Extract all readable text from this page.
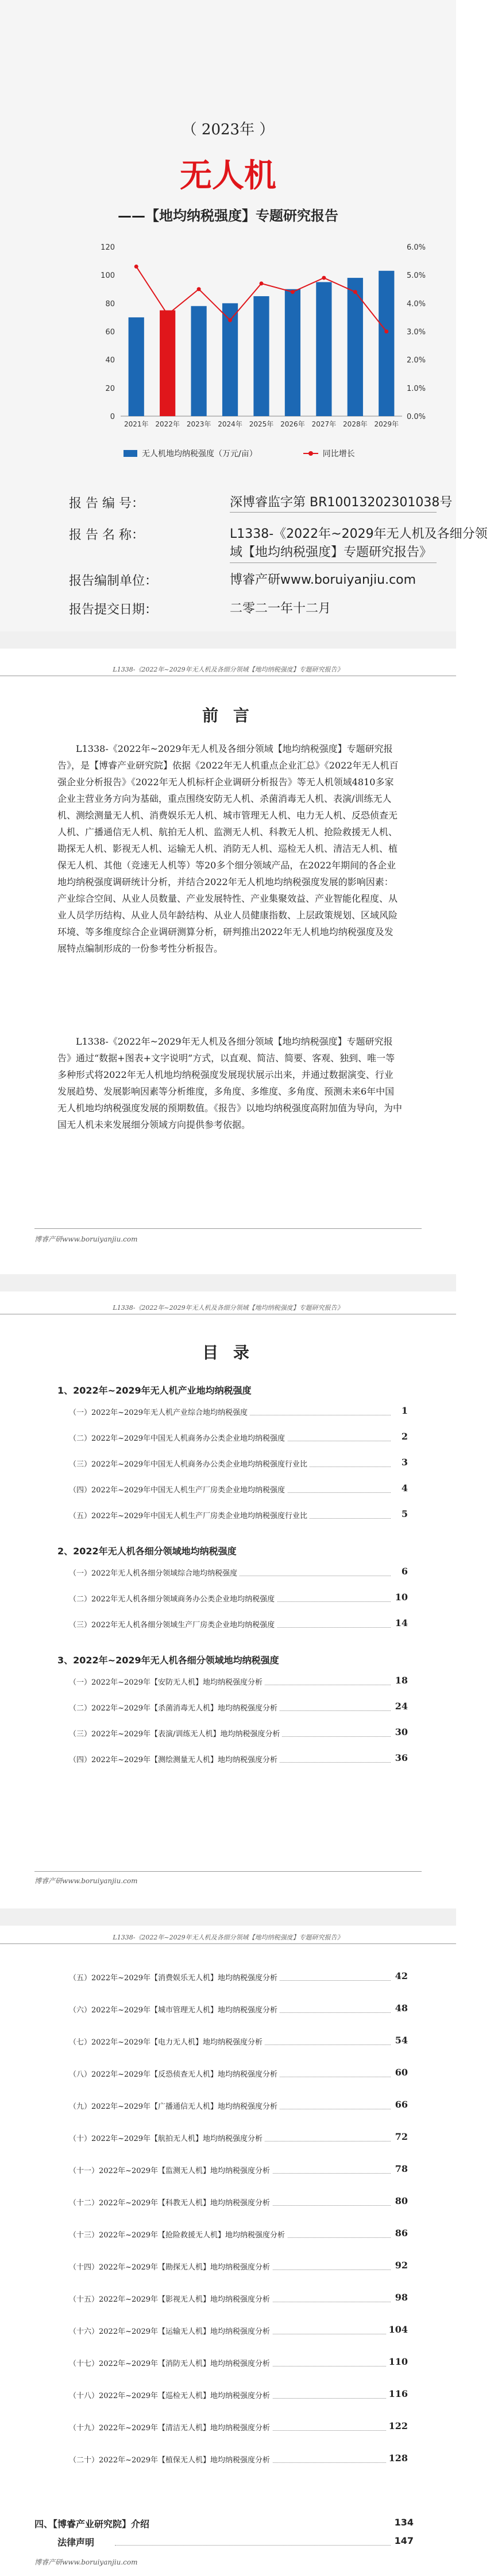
（ 2023年 ）
无人机
——【地均纳税强度】专题研究报告
0
20
40
60
80
100
120
0.0%
1.0%
2.0%
3.0%
4.0%
5.0%
6.0%
2021年 2022年 2023年 2024年 2025年 2026年 2027年 2028年 2029年
无人机地均纳税强度（万元/亩）	同比增长
报 告 编 号：	深博睿监字第 BR10013202301038号
报 告 名 称：	L1338-《2022年~2029年无人机及各细分领域【地均纳税强度】专题研究报告》
报告编制单位：	博睿产研www.boruiyanjiu.com
报告提交日期：	二零二一年十二月
L1338-《2022年~2029年无人机及各细分领域【地均纳税强度】专题研究报告》
前 言
L1338-《2022年~2029年无人机及各细分领域【地均纳税强度】专题研究报告》，是【博睿产业研究院】依据《2022年无人机重点企业汇总》《2022年无人机百强企业分析报告》《2022年无人机标杆企业调研分析报告》等无人机领域4810多家企业主营业务方向为基础，重点围绕安防无人机、杀菌消毒无人机、表演/训练无人机、测绘测量无人机、消费娱乐无人机、城市管理无人机、电力无人机、反恐侦查无人机、广播通信无人机、航拍无人机、监测无人机、科教无人机、抢险救援无人机、勘探无人机、影视无人机、运输无人机、消防无人机、巡检无人机、清洁无人机、植保无人机、其他（竞速无人机等）等20多个细分领域产品，在2022年期间的各企业地均纳税强度调研统计分析，并结合2022年无人机地均纳税强度发展的影响因素：产业综合空间、从业人员数量、产业发展特性、产业集聚效益、产业智能化程度、从业人员学历结构、从业人员年龄结构、从业人员健康指数、上层政策规划、区域风险环境、等多维度综合企业调研测算分析，研判推出2022年无人机地均纳税强度及发展特点编制形成的一份参考性分析报告。
L1338-《2022年~2029年无人机及各细分领域【地均纳税强度】专题研究报告》通过“数据+图表+文字说明”方式，以直观、简洁、简要、客观、独到、唯一等多种形式将2022年无人机地均纳税强度发展现状展示出来，并通过数据演变、行业发展趋势、发展影响因素等分析维度，多角度、多维度、多角度、预测未来6年中国无人机地均纳税强度发展的预期数值。《报告》以地均纳税强度高附加值为导向，为中国无人机未来发展细分领域方向提供参考依据。
博睿产研www.boruiyanjiu.com
L1338-《2022年~2029年无人机及各细分领域【地均纳税强度】专题研究报告》
目 录
1、2022年~2029年无人机产业地均纳税强度
（一）2022年~2029年无人机产业综合地均纳税强度	1
（二）2022年~2029年中国无人机商务办公类企业地均纳税强度	2
（三）2022年~2029年中国无人机商务办公类企业地均纳税强度行业比	3
（四）2022年~2029年中国无人机生产厂房类企业地均纳税强度	4
（五）2022年~2029年中国无人机生产厂房类企业地均纳税强度行业比	5
2、2022年无人机各细分领域地均纳税强度
（一）2022年无人机各细分领域综合地均纳税强度	6
（二）2022年无人机各细分领域商务办公类企业地均纳税强度	10
（三）2022年无人机各细分领域生产厂房类企业地均纳税强度	14
3、2022年~2029年无人机各细分领域地均纳税强度
（一）2022年~2029年【安防无人机】地均纳税强度分析	18
（二）2022年~2029年【杀菌消毒无人机】地均纳税强度分析	24
（三）2022年~2029年【表演/训练无人机】地均纳税强度分析	30
（四）2022年~2029年【测绘测量无人机】地均纳税强度分析	36
博睿产研www.boruiyanjiu.com
L1338-《2022年~2029年无人机及各细分领域【地均纳税强度】专题研究报告》
（五）2022年~2029年【消费娱乐无人机】地均纳税强度分析	42
（六）2022年~2029年【城市管理无人机】地均纳税强度分析	48
（七）2022年~2029年【电力无人机】地均纳税强度分析	54
（八）2022年~2029年【反恐侦查无人机】地均纳税强度分析	60
（九）2022年~2029年【广播通信无人机】地均纳税强度分析	66
（十）2022年~2029年【航拍无人机】地均纳税强度分析	72
（十一）2022年~2029年【监测无人机】地均纳税强度分析	78
（十二）2022年~2029年【科教无人机】地均纳税强度分析	80
（十三）2022年~2029年【抢险救援无人机】地均纳税强度分析	86
（十四）2022年~2029年【勘探无人机】地均纳税强度分析	92
（十五）2022年~2029年【影视无人机】地均纳税强度分析	98
（十六）2022年~2029年【运输无人机】地均纳税强度分析	104
（十七）2022年~2029年【消防无人机】地均纳税强度分析	110
（十八）2022年~2029年【巡检无人机】地均纳税强度分析	116
（十九）2022年~2029年【清洁无人机】地均纳税强度分析	122
（二十）2022年~2029年【植保无人机】地均纳税强度分析	128
四、【博睿产业研究院】介绍	134
法律声明	147
博睿产研www.boruiyanjiu.com
